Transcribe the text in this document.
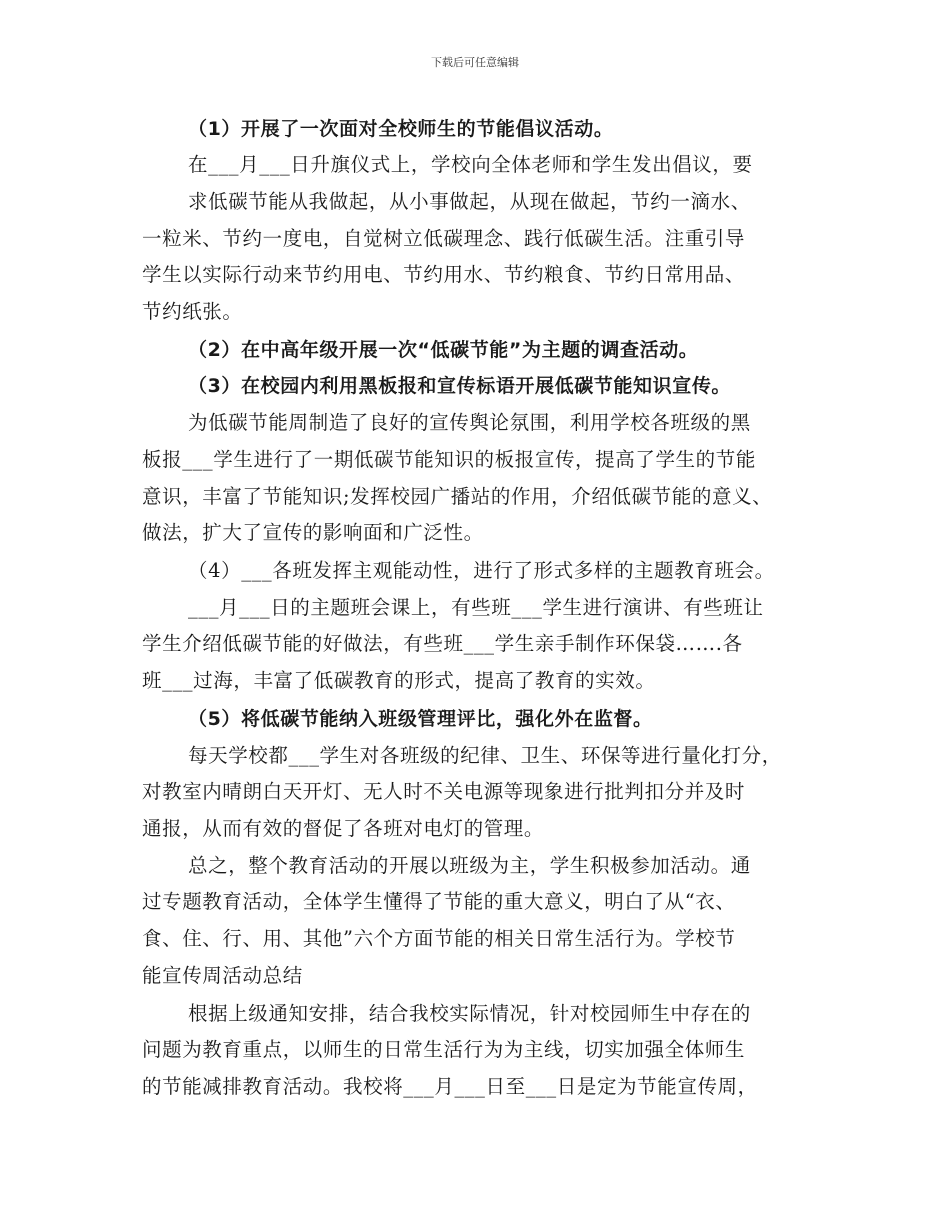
下载后可任意编辑
（1）开展了一次面对全校师生的节能倡议活动。
在___月___日升旗仪式上，学校向全体老师和学生发出倡议，要
求低碳节能从我做起，从小事做起，从现在做起，节约一滴水、
一粒米、节约一度电，自觉树立低碳理念、践行低碳生活。注重引导
学生以实际行动来节约用电、节约用水、节约粮食、节约日常用品、
节约纸张。
（2）在中高年级开展一次“低碳节能”为主题的调查活动。
（3）在校园内利用黑板报和宣传标语开展低碳节能知识宣传。
为低碳节能周制造了良好的宣传舆论氛围，利用学校各班级的黑
板报___学生进行了一期低碳节能知识的板报宣传，提高了学生的节能
意识，丰富了节能知识;发挥校园广播站的作用，介绍低碳节能的意义、
做法，扩大了宣传的影响面和广泛性。
（4）___各班发挥主观能动性，进行了形式多样的主题教育班会。
___月___日的主题班会课上，有些班___学生进行演讲、有些班让
学生介绍低碳节能的好做法，有些班___学生亲手制作环保袋…….各
班___过海，丰富了低碳教育的形式，提高了教育的实效。
（5）将低碳节能纳入班级管理评比，强化外在监督。
每天学校都___学生对各班级的纪律、卫生、环保等进行量化打分，
对教室内晴朗白天开灯、无人时不关电源等现象进行批判扣分并及时
通报，从而有效的督促了各班对电灯的管理。
总之，整个教育活动的开展以班级为主，学生积极参加活动。通
过专题教育活动，全体学生懂得了节能的重大意义，明白了从“衣、
食、住、行、用、其他”六个方面节能的相关日常生活行为。学校节
能宣传周活动总结
根据上级通知安排，结合我校实际情况，针对校园师生中存在的
问题为教育重点，以师生的日常生活行为为主线，切实加强全体师生
的节能减排教育活动。我校将___月___日至___日是定为节能宣传周，
